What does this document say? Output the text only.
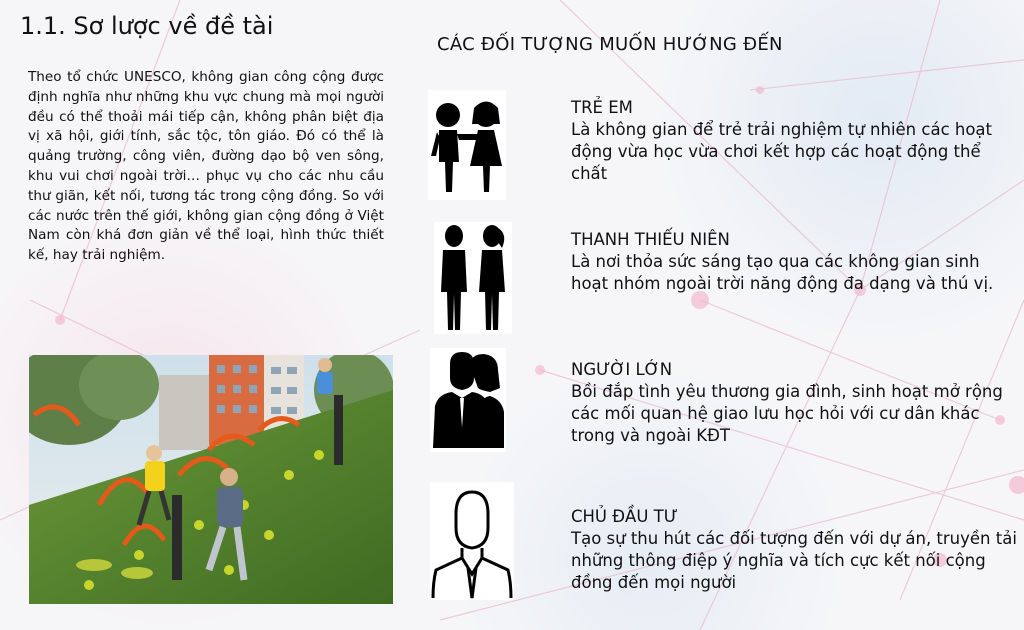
1.1. Sơ lược về đề tài

Theo tổ chức UNESCO, không gian công cộng được định nghĩa như những khu vực chung mà mọi người đều có thể thoải mái tiếp cận, không phân biệt địa vị xã hội, giới tính, sắc tộc, tôn giáo. Đó có thể là quảng trường, công viên, đường dạo bộ ven sông, khu vui chơi ngoài trời… phục vụ cho các nhu cầu thư giãn, kết nối, tương tác trong cộng đồng. So với các nước trên thế giới, không gian cộng đồng ở Việt Nam còn khá đơn giản về thể loại, hình thức thiết kế, hay trải nghiệm.

CÁC ĐỐI TƯỢNG MUỐN HƯỚNG ĐẾN
TRẺ EM
Là không gian để trẻ trải nghiệm tự nhiên các hoạt động vừa học vừa chơi kết hợp các hoạt động thể chất
THANH THIẾU NIÊN
Là nơi thỏa sức sáng tạo qua các không gian sinh hoạt nhóm ngoài trời năng động đa dạng và thú vị.
NGƯỜI LỚN
Bồi đắp tình yêu thương gia đình, sinh hoạt mở rộng các mối quan hệ giao lưu học hỏi với cư dân khác trong và ngoài KĐT
CHỦ ĐẦU TƯ
Tạo sự thu hút các đối tượng đến với dự án, truyền tải những thông điệp ý nghĩa và tích cực kết nối cộng đồng đến mọi người
